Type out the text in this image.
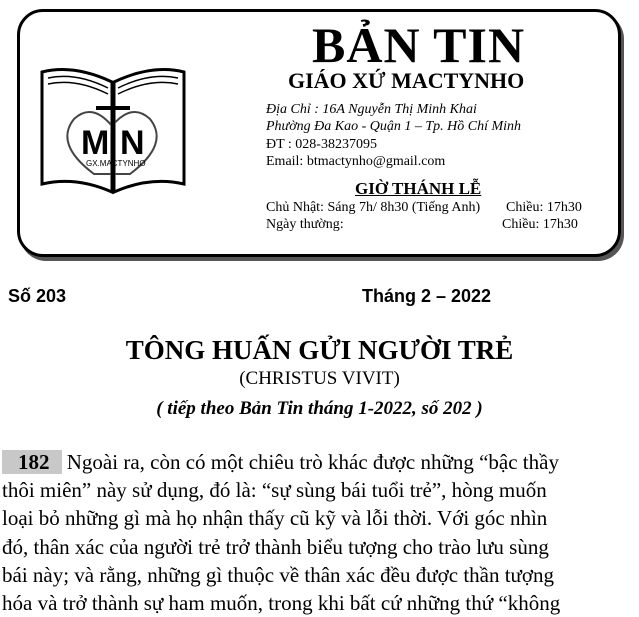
M N
GX.MACTYNHO
BẢN TIN
GIÁO XỨ MACTYNHO
Địa Chỉ : 16A Nguyễn Thị Minh Khai
Phường Đa Kao - Quận 1 – Tp. Hồ Chí Minh
ĐT : 028-38237095
Email: btmactynho@gmail.com
GIỜ THÁNH LỄ
Chủ Nhật: Sáng 7h/ 8h30 (Tiếng Anh) Chiều: 17h30
Ngày thường:	Chiều: 17h30
Số 203	Tháng 2 – 2022
TÔNG HUẤN GỬI NGƯỜI TRẺ
(CHRISTUS VIVIT)
( tiếp theo Bản Tin tháng 1-2022, số 202 )
182 Ngoài ra, còn có một chiêu trò khác được những “bậc thầy
thôi miên” này sử dụng, đó là: “sự sùng bái tuổi trẻ”, hòng muốn
loại bỏ những gì mà họ nhận thấy cũ kỹ và lỗi thời. Với góc nhìn
đó, thân xác của người trẻ trở thành biểu tượng cho trào lưu sùng
bái này; và rằng, những gì thuộc về thân xác đều được thần tượng
hóa và trở thành sự ham muốn, trong khi bất cứ những thứ “không
